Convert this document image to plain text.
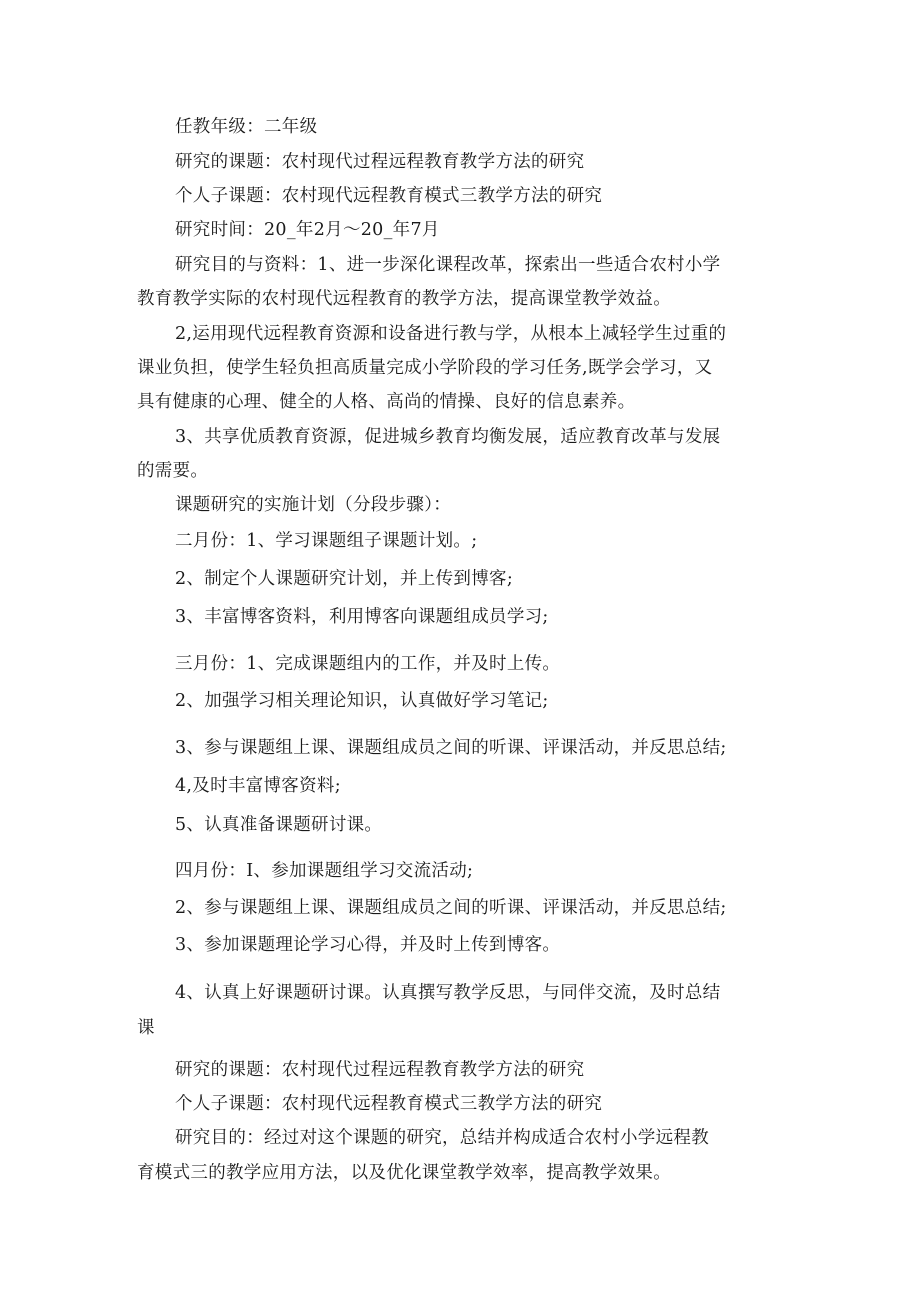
任教年级：二年级
研究的课题：农村现代过程远程教育教学方法的研究
个人子课题：农村现代远程教育模式三教学方法的研究
研究时间：20_年2月～20_年7月
研究目的与资料：1、进一步深化课程改革，探索出一些适合农村小学
教育教学实际的农村现代远程教育的教学方法，提高课堂教学效益。
2,运用现代远程教育资源和设备进行教与学，从根本上减轻学生过重的
课业负担，使学生轻负担高质量完成小学阶段的学习任务,既学会学习，又
具有健康的心理、健全的人格、高尚的情操、良好的信息素养。
3、共享优质教育资源，促进城乡教育均衡发展，适应教育改革与发展
的需要。
课题研究的实施计划（分段步骤）：
二月份：1、学习课题组子课题计划。;
2、制定个人课题研究计划，并上传到博客;
3、丰富博客资料，利用博客向课题组成员学习;
三月份：1、完成课题组内的工作，并及时上传。
2、加强学习相关理论知识，认真做好学习笔记;
3、参与课题组上课、课题组成员之间的听课、评课活动，并反思总结;
4,及时丰富博客资料;
5、认真准备课题研讨课。
四月份：I、参加课题组学习交流活动;
2、参与课题组上课、课题组成员之间的听课、评课活动，并反思总结;
3、参加课题理论学习心得，并及时上传到博客。
4、认真上好课题研讨课。认真撰写教学反思，与同伴交流，及时总结
课
研究的课题：农村现代过程远程教育教学方法的研究
个人子课题：农村现代远程教育模式三教学方法的研究
研究目的：经过对这个课题的研究，总结并构成适合农村小学远程教
育模式三的教学应用方法，以及优化课堂教学效率，提高教学效果。
